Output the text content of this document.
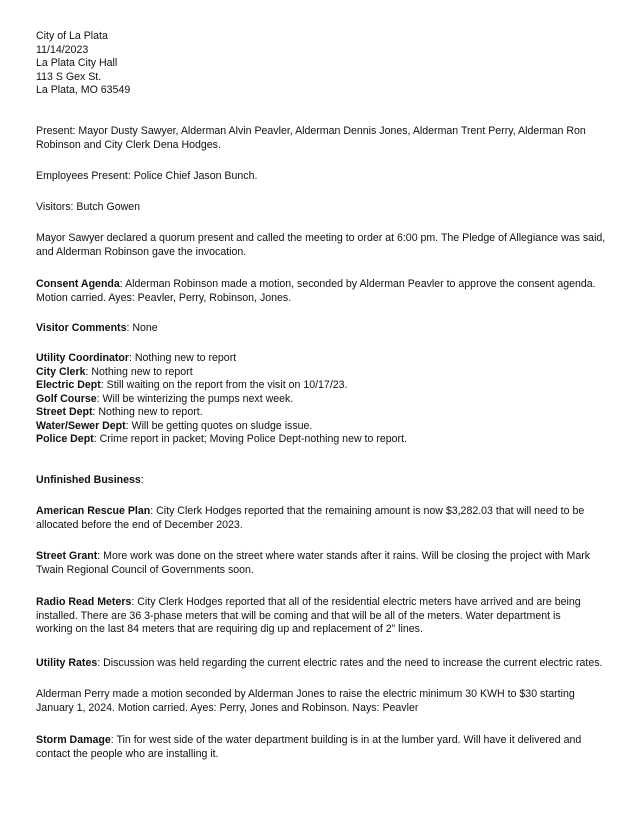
City of La Plata
11/14/2023
La Plata City Hall
113 S Gex St.
La Plata, MO 63549
Present: Mayor Dusty Sawyer, Alderman Alvin Peavler, Alderman Dennis Jones, Alderman Trent Perry, Alderman Ron
Robinson and City Clerk Dena Hodges.
Employees Present: Police Chief Jason Bunch.
Visitors: Butch Gowen
Mayor Sawyer declared a quorum present and called the meeting to order at 6:00 pm. The Pledge of Allegiance was said,
and Alderman Robinson gave the invocation.
Consent Agenda: Alderman Robinson made a motion, seconded by Alderman Peavler to approve the consent agenda.
Motion carried. Ayes: Peavler, Perry, Robinson, Jones.
Visitor Comments: None
Utility Coordinator: Nothing new to report
City Clerk: Nothing new to report
Electric Dept: Still waiting on the report from the visit on 10/17/23.
Golf Course: Will be winterizing the pumps next week.
Street Dept: Nothing new to report.
Water/Sewer Dept: Will be getting quotes on sludge issue.
Police Dept: Crime report in packet; Moving Police Dept-nothing new to report.
Unfinished Business:
American Rescue Plan: City Clerk Hodges reported that the remaining amount is now $3,282.03 that will need to be
allocated before the end of December 2023.
Street Grant: More work was done on the street where water stands after it rains. Will be closing the project with Mark
Twain Regional Council of Governments soon.
Radio Read Meters: City Clerk Hodges reported that all of the residential electric meters have arrived and are being
installed. There are 36 3-phase meters that will be coming and that will be all of the meters. Water department is
working on the last 84 meters that are requiring dig up and replacement of 2” lines.
Utility Rates: Discussion was held regarding the current electric rates and the need to increase the current electric rates.
Alderman Perry made a motion seconded by Alderman Jones to raise the electric minimum 30 KWH to $30 starting
January 1, 2024. Motion carried. Ayes: Perry, Jones and Robinson. Nays: Peavler
Storm Damage: Tin for west side of the water department building is in at the lumber yard. Will have it delivered and
contact the people who are installing it.
